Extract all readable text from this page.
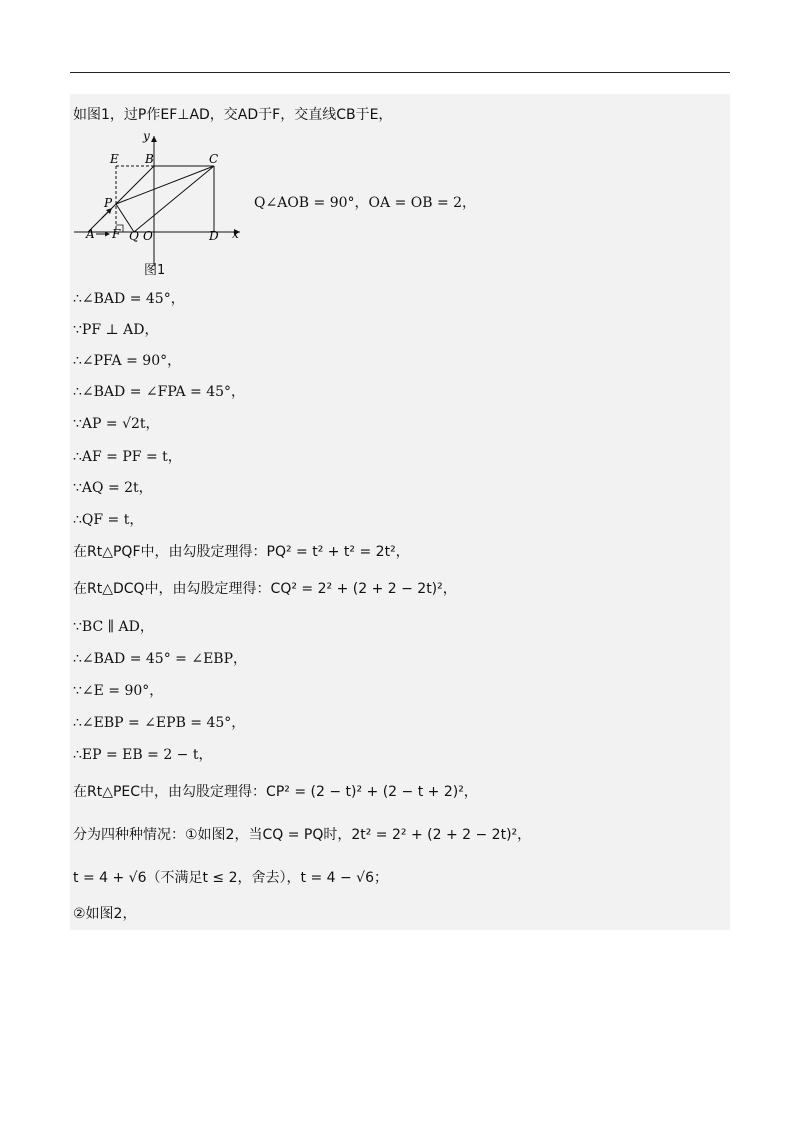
如图1，过P作EF⊥AD，交AD于F，交直线CB于E，
y
E B	C
P
A F Q O	D x
Q∠AOB = 90°，OA = OB = 2，
图1
∴∠BAD = 45°，
∵PF ⊥ AD，
∴∠PFA = 90°，
∴∠BAD = ∠FPA = 45°，
∵AP = √2t，
∴AF = PF = t，
∵AQ = 2t，
∴QF = t，
在Rt△PQF中，由勾股定理得：PQ² = t² + t² = 2t²，
在Rt△DCQ中，由勾股定理得：CQ² = 2² + (2 + 2 − 2t)²，
∵BC ∥ AD，
∴∠BAD = 45° = ∠EBP，
∵∠E = 90°，
∴∠EBP = ∠EPB = 45°，
∴EP = EB = 2 − t，
在Rt△PEC中，由勾股定理得：CP² = (2 − t)² + (2 − t + 2)²，
分为四种种情况：①如图2，当CQ = PQ时，2t² = 2² + (2 + 2 − 2t)²，
t = 4 + √6（不满足t ≤ 2，舍去），t = 4 − √6；
②如图2，
